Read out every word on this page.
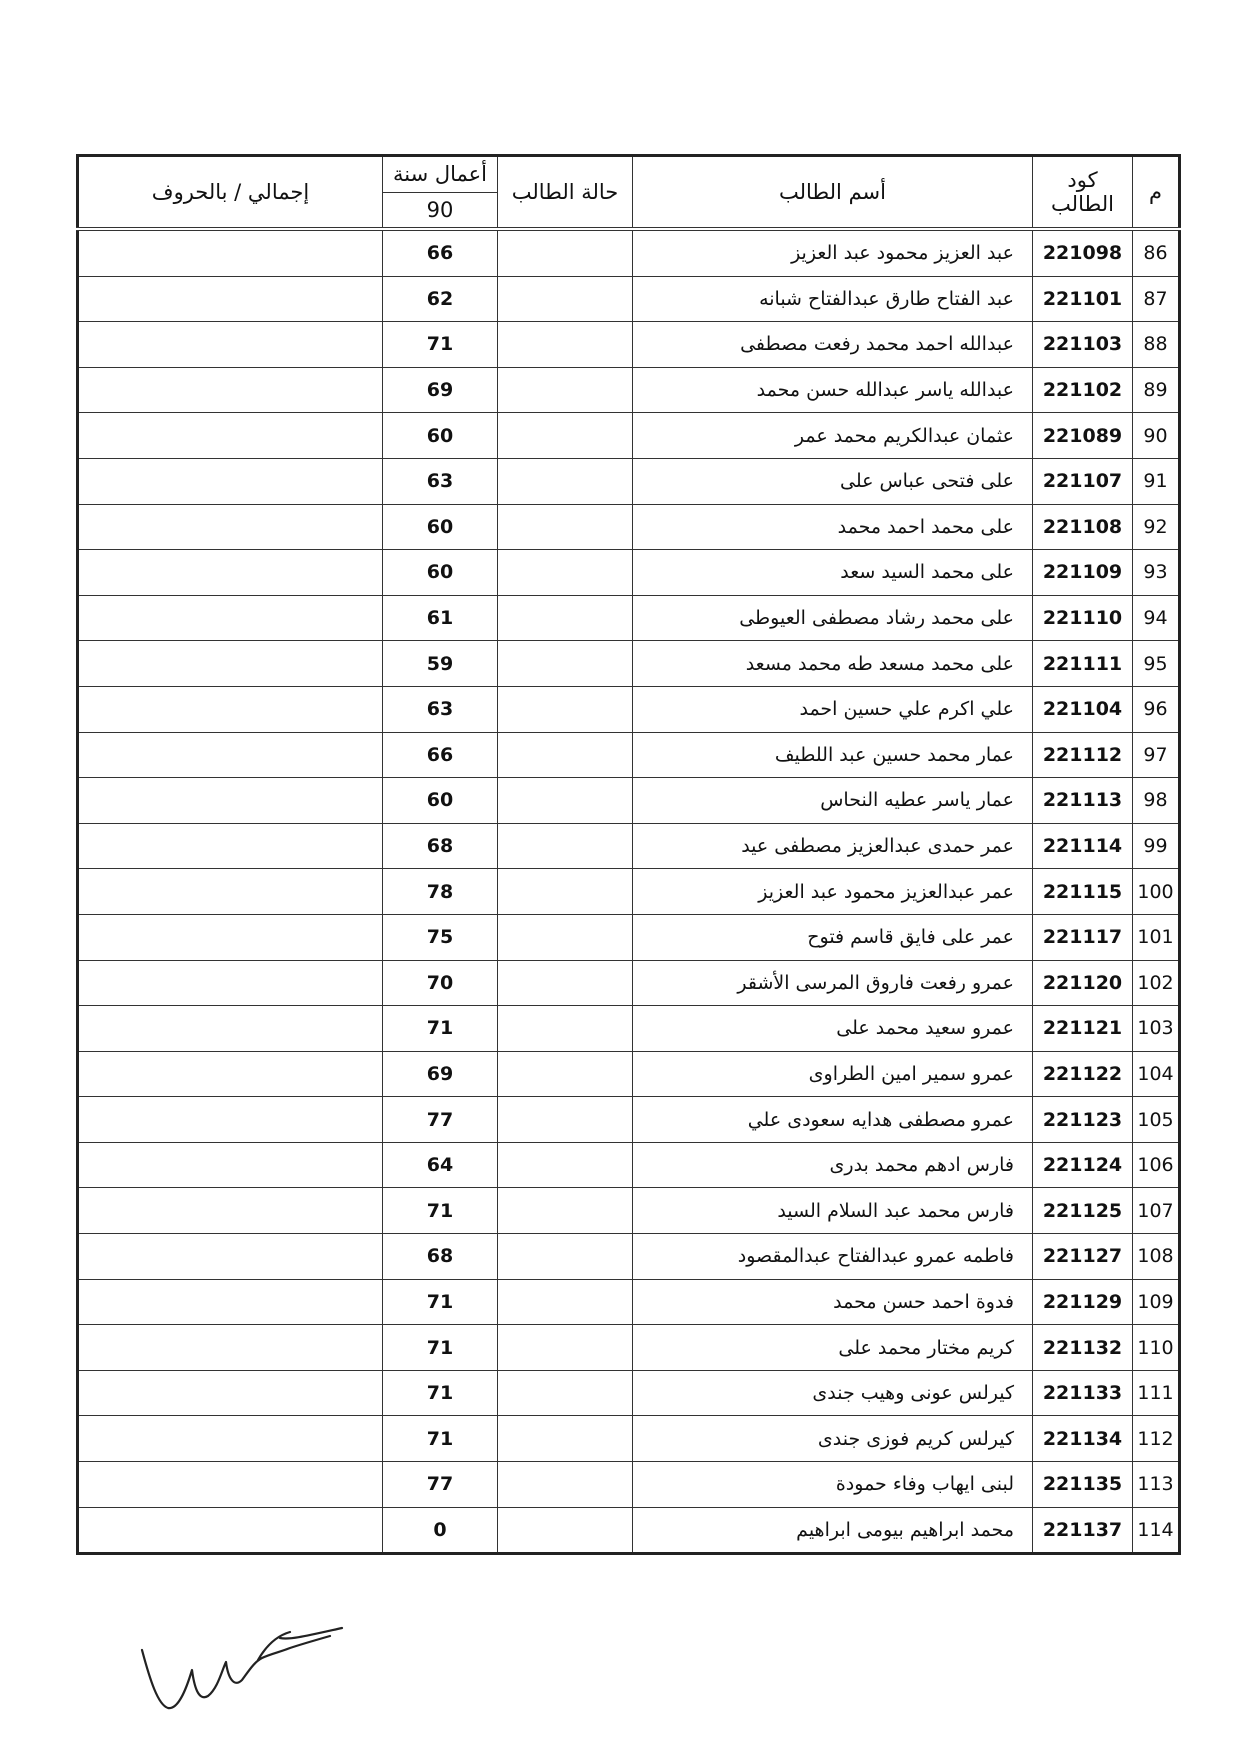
م	كود الطالب	أسم الطالب	حالة الطالب	أعمال سنة
90	إجمالي / بالحروف
86	221098	عبد العزيز محمود عبد العزيز		66	
87	221101	عبد الفتاح طارق عبدالفتاح شبانه		62	
88	221103	عبدالله احمد محمد رفعت مصطفى		71	
89	221102	عبدالله ياسر عبدالله حسن محمد		69	
90	221089	عثمان عبدالكريم محمد عمر		60	
91	221107	على فتحى عباس على		63	
92	221108	على محمد احمد محمد		60	
93	221109	على محمد السيد سعد		60	
94	221110	على محمد رشاد مصطفى العيوطى		61	
95	221111	على محمد مسعد طه محمد مسعد		59	
96	221104	علي اكرم علي حسين احمد		63	
97	221112	عمار محمد حسين عبد اللطيف		66	
98	221113	عمار ياسر عطيه النحاس		60	
99	221114	عمر حمدى عبدالعزيز مصطفى عيد		68	
100	221115	عمر عبدالعزيز محمود عبد العزيز		78	
101	221117	عمر على فايق قاسم فتوح		75	
102	221120	عمرو رفعت فاروق المرسى الأشقر		70	
103	221121	عمرو سعيد محمد على		71	
104	221122	عمرو سمير امين الطراوى		69	
105	221123	عمرو مصطفى هدايه سعودى علي		77	
106	221124	فارس ادهم محمد بدرى		64	
107	221125	فارس محمد عبد السلام السيد		71	
108	221127	فاطمه عمرو عبدالفتاح عبدالمقصود		68	
109	221129	فدوة احمد حسن محمد		71	
110	221132	كريم مختار محمد على		71	
111	221133	كيرلس عونى وهيب جندى		71	
112	221134	كيرلس كريم فوزى جندى		71	
113	221135	لبنى ايهاب وفاء حمودة		77	
114	221137	محمد ابراهيم بيومى ابراهيم		0	
